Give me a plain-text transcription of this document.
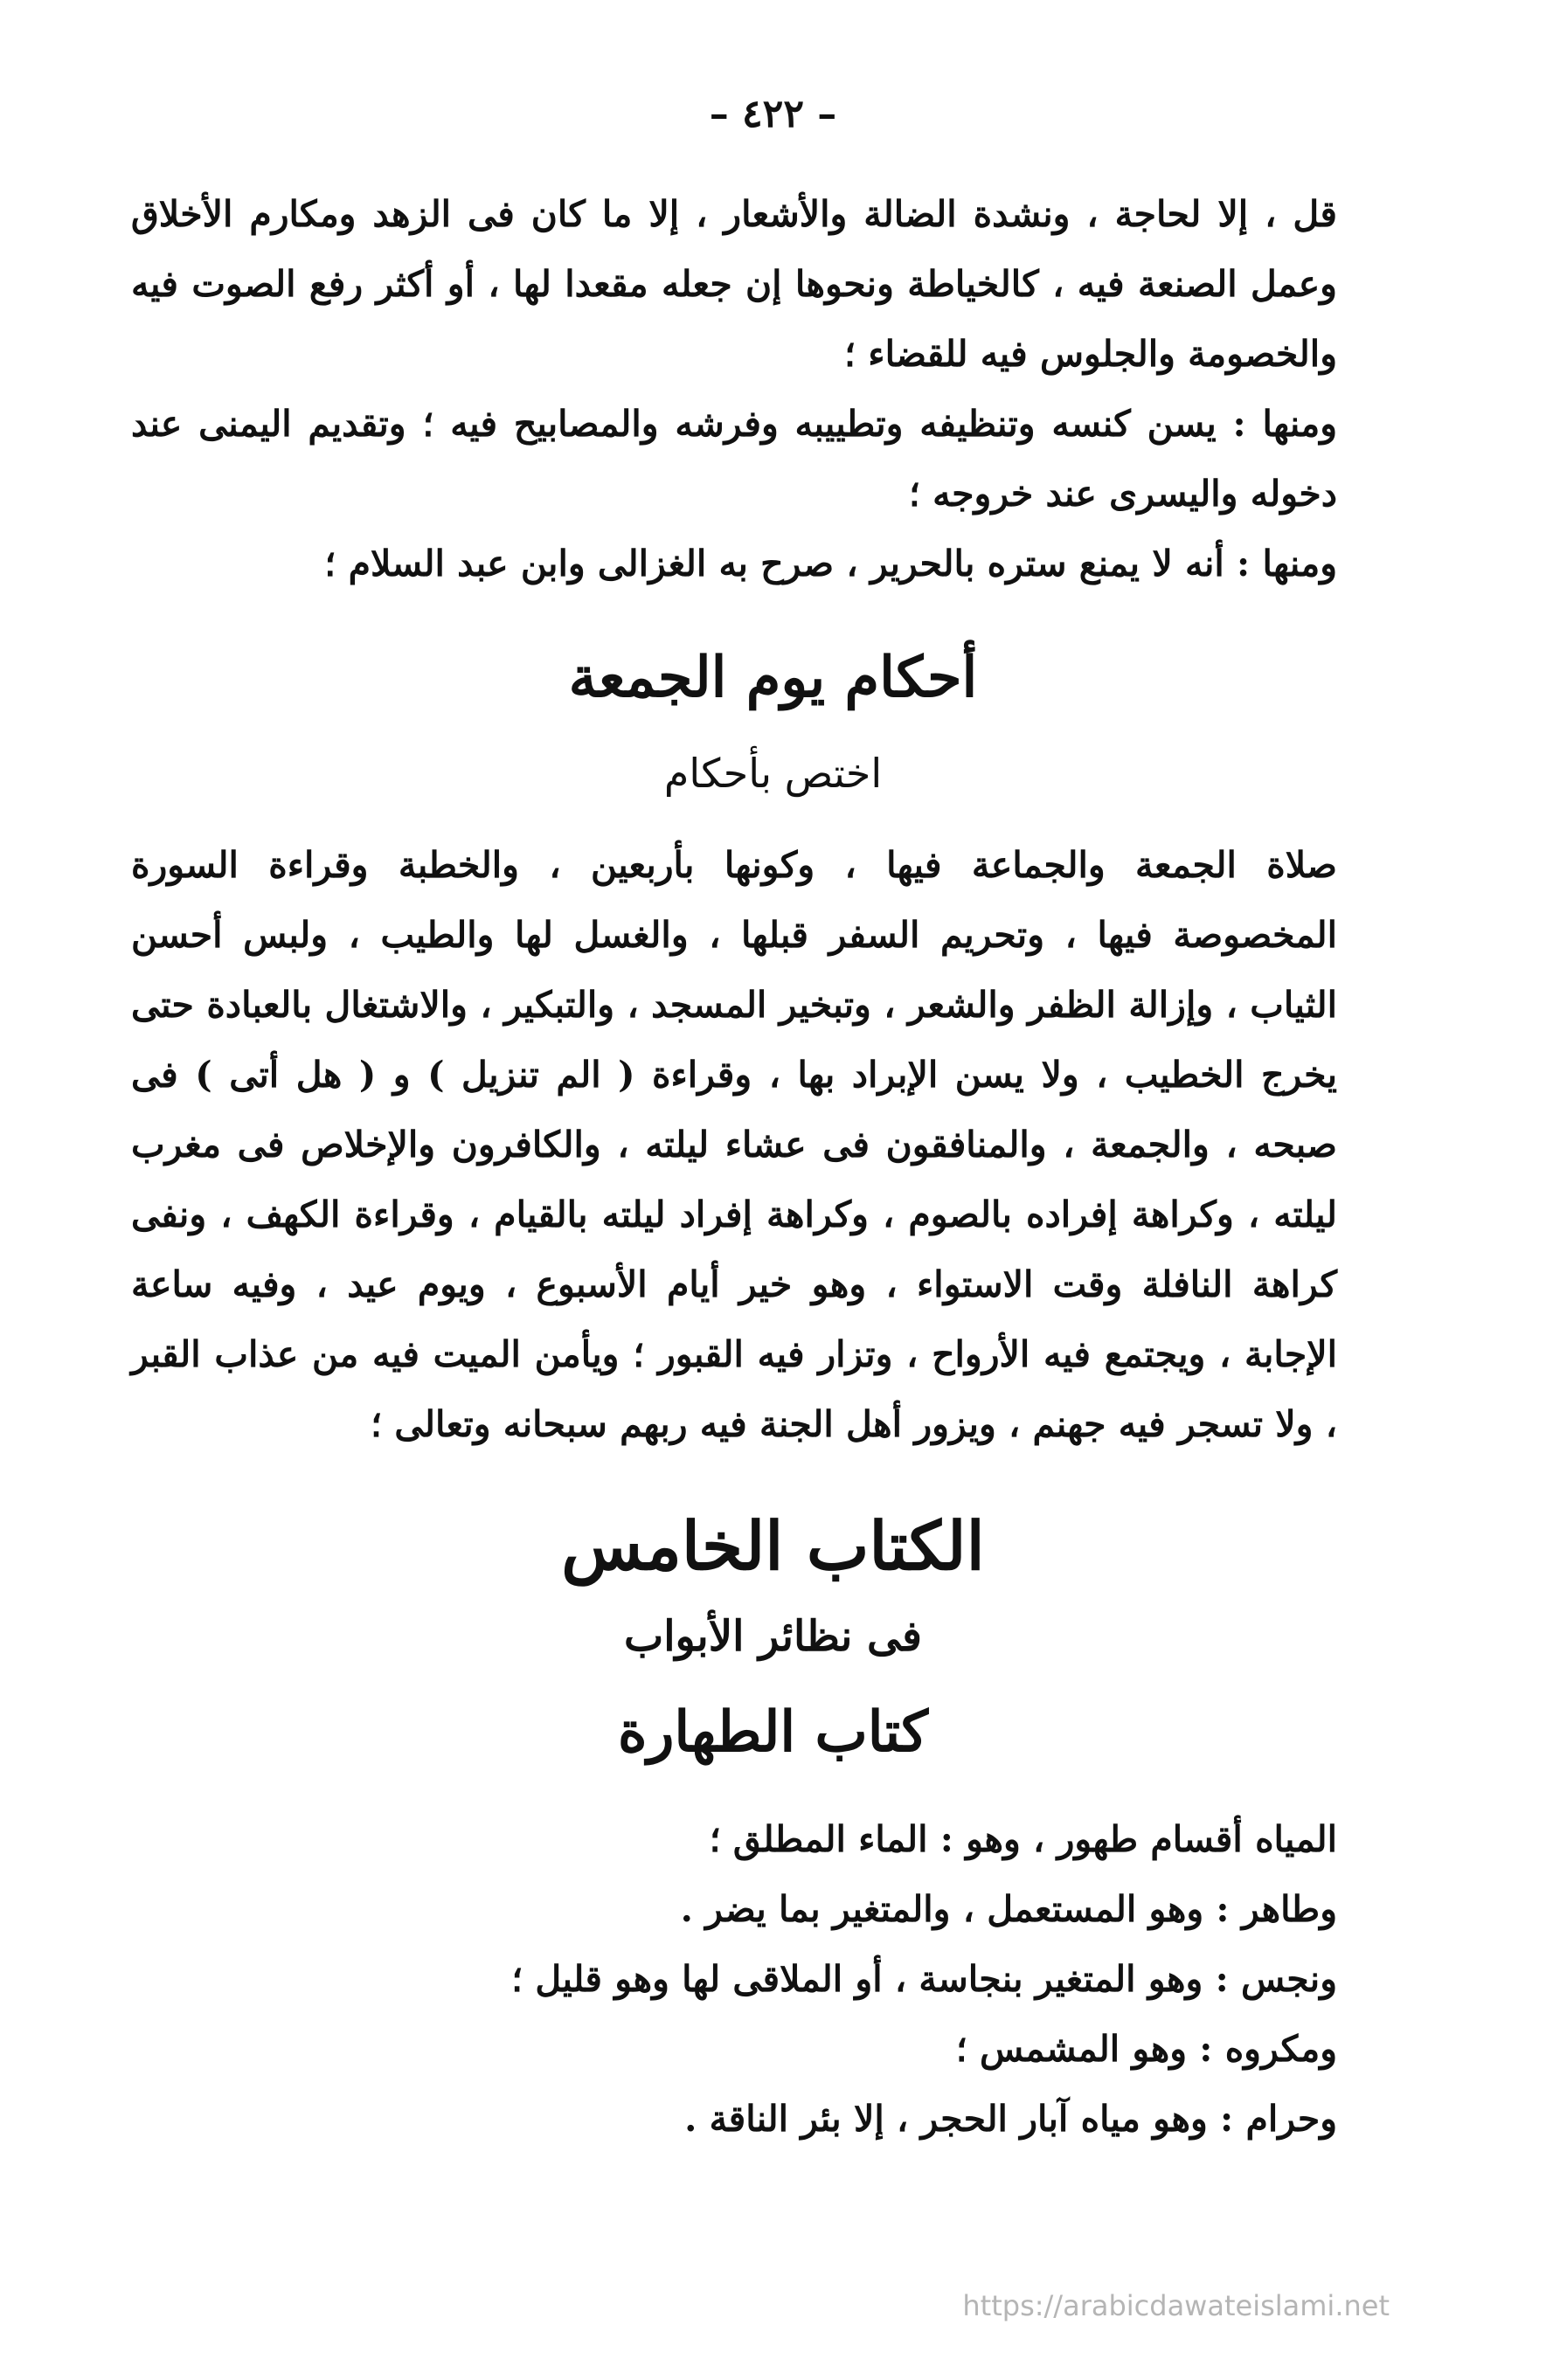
– ٤٢٢ –

قل ، إلا لحاجة ، ونشدة الضالة والأشعار ، إلا ما كان فى الزهد ومكارم الأخلاق وعمل الصنعة فيه ، كالخياطة ونحوها إن جعله مقعدا لها ، أو أكثر رفع الصوت فيه والخصومة والجلوس فيه للقضاء ؛

ومنها : يسن كنسه وتنظيفه وتطييبه وفرشه والمصابيح فيه ؛ وتقديم اليمنى عند دخوله واليسرى عند خروجه ؛

ومنها : أنه لا يمنع ستره بالحرير ، صرح به الغزالى وابن عبد السلام ؛

أحكام يوم الجمعة
اختص بأحكام

صلاة الجمعة والجماعة فيها ، وكونها بأربعين ، والخطبة وقراءة السورة المخصوصة فيها ، وتحريم السفر قبلها ، والغسل لها والطيب ، ولبس أحسن الثياب ، وإزالة الظفر والشعر ، وتبخير المسجد ، والتبكير ، والاشتغال بالعبادة حتى يخرج الخطيب ، ولا يسن الإبراد بها ، وقراءة ( الم تنزيل ) و ( هل أتى ) فى صبحه ، والجمعة ، والمنافقون فى عشاء ليلته ، والكافرون والإخلاص فى مغرب ليلته ، وكراهة إفراده بالصوم ، وكراهة إفراد ليلته بالقيام ، وقراءة الكهف ، ونفى كراهة النافلة وقت الاستواء ، وهو خير أيام الأسبوع ، ويوم عيد ، وفيه ساعة الإجابة ، ويجتمع فيه الأرواح ، وتزار فيه القبور ؛ ويأمن الميت فيه من عذاب القبر ، ولا تسجر فيه جهنم ، ويزور أهل الجنة فيه ربهم سبحانه وتعالى ؛

الكتاب الخامس
فى نظائر الأبواب
كتاب الطهارة

المياه أقسام طهور ، وهو : الماء المطلق ؛

وطاهر : وهو المستعمل ، والمتغير بما يضر .

ونجس : وهو المتغير بنجاسة ، أو الملاقى لها وهو قليل ؛

ومكروه : وهو المشمس ؛

وحرام : وهو مياه آبار الحجر ، إلا بئر الناقة .

https://arabicdawateislami.net
